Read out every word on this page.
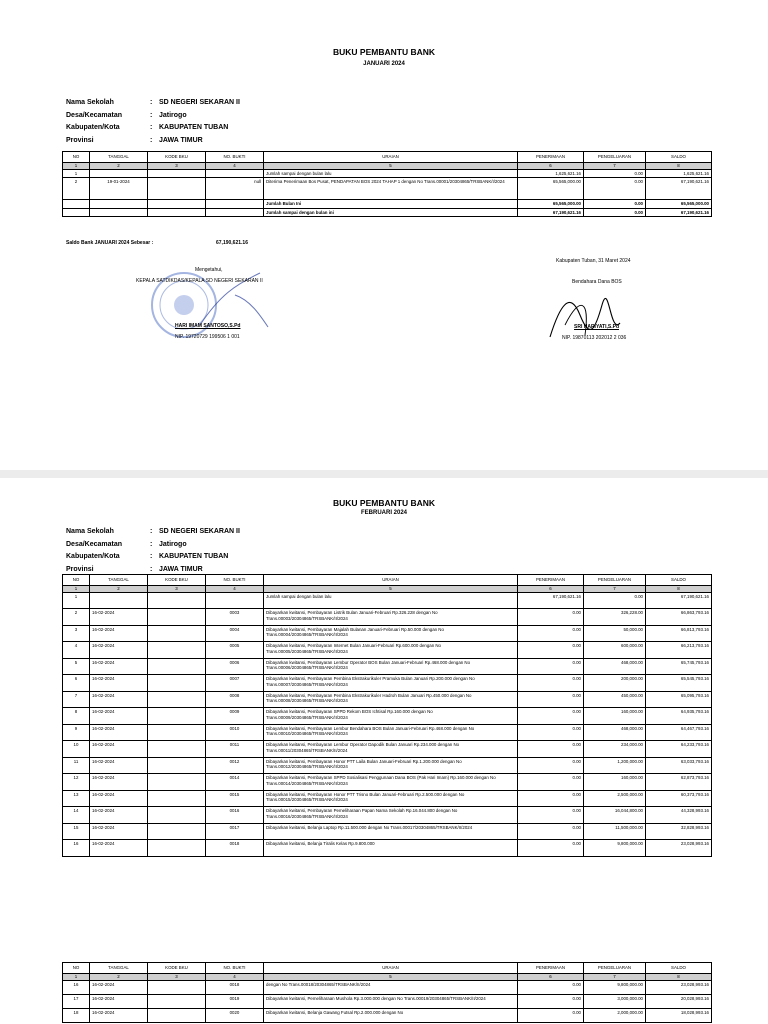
BUKU PEMBANTU BANK
JANUARI 2024
Nama Sekolah	: SD NEGERI SEKARAN II
Desa/Kecamatan	: Jatirogo
Kabupaten/Kota	: KABUPATEN TUBAN
Provinsi	: JAWA TIMUR
NO	TANGGAL	KODE BKU	NO. BUKTI	URAIAN	PENERIMAAN	PENGELUARAN	SALDO
1	2	3	4	5	6	7	8
1				Jumlah sampai dengan bulan lalu	1,625,621.16	0.00	1,625,621.16
2	19-01-2024		null	Diterima Penerimaan Bos Pusat, PENDAPATAN BOS 2024 TAHAP 1 dengan No Trans.00001/20304865/TRSBANK/I/2024	65,565,000.00	0.00	67,190,621.16
				Jumlah Bulan Ini	65,565,000.00	0.00	65,565,000.00
				Jumlah sampai dengan bulan ini	67,190,621.16	0.00	67,190,621.16
Saldo Bank JANUARI 2024 Sebesar :	67,190,621.16
Mengetahui,
KEPALA SATDIKDAS/KEPALA SD NEGERI SEKARAN II
HARI IMAM SANTOSO,S.Pd
NIP. 19720729 199506 1 001
Kabupaten Tuban, 31 Maret 2024
Bendahara Dana BOS
SRI HARIYATI,S.Pd
NIP. 19870113 202012 2 036
BUKU PEMBANTU BANK
FEBRUARI 2024
Nama Sekolah	: SD NEGERI SEKARAN II
Desa/Kecamatan	: Jatirogo
Kabupaten/Kota	: KABUPATEN TUBAN
Provinsi	: JAWA TIMUR
NO	TANGGAL	KODE BKU	NO. BUKTI	URAIAN	PENERIMAAN	PENGELUARAN	SALDO
1	2	3	4	5	6	7	8
1				Jumlah sampai dengan bulan lalu	67,190,621.16	0.00	67,190,621.16
2	16-02-2024		0003	Dibayarkan kwitansi, Pembayaran Listrik Bulan Januari-Februari Rp.326.228 dengan No Trans.00003/20304865/TRSBANK/II/2024	0.00	326,228.00	66,863,793.16
3	16-02-2024		0004	Dibayarkan kwitansi, Pembayaran Majalah Bulanan Januari-Februari Rp.50.000 dengan No Trans.00004/20304865/TRSBANK/II/2024	0.00	50,000.00	66,813,793.16
4	16-02-2024		0005	Dibayarkan kwitansi, Pembayaran Internet Bulan Januari-Februari Rp.600.000 dengan No Trans.00005/20304865/TRSBANK/II/2024	0.00	600,000.00	66,213,793.16
5	16-02-2024		0006	Dibayarkan kwitansi, Pembayaran Lembur Operator BOS Bulan Januari-Februari Rp.468.000 dengan No Trans.00006/20304865/TRSBANK/II/2024	0.00	468,000.00	65,745,793.16
6	16-02-2024		0007	Dibayarkan kwitansi, Pembayaran Pembina Ekstrakurikuler Pramuka Bulan Januari Rp.200.000 dengan No Trans.00007/20304865/TRSBANK/II/2024	0.00	200,000.00	65,545,793.16
7	16-02-2024		0008	Dibayarkan kwitansi, Pembayaran Pembina Ekstrakurikuler Hadroh Bulan Januari Rp.450.000 dengan No Trans.00008/20304865/TRSBANK/II/2024	0.00	450,000.00	65,095,793.16
8	16-02-2024		0009	Dibayarkan kwitansi, Pembayaran SPPD Rekom BOS Ichtisal Rp.160.000 dengan No Trans.00009/20304865/TRSBANK/II/2024	0.00	160,000.00	64,935,793.16
9	16-02-2024		0010	Dibayarkan kwitansi, Pembayaran Lembur Bendahara BOS Bulan Januari-Februari Rp.468.000 dengan No Trans.00010/20304865/TRSBANK/II/2024	0.00	468,000.00	64,467,793.16
10	16-02-2024		0011	Dibayarkan kwitansi, Pembayaran Lembur Operator Dapodik Bulan Januari Rp.234.000 dengan No Trans.00011/20304865/TRSBANK/II/2024	0.00	234,000.00	64,233,793.16
11	16-02-2024		0012	Dibayarkan kwitansi, Pembayaran Honor PTT Laila Bulan Januari-Februari Rp.1.200.000 dengan No Trans.00012/20304865/TRSBANK/II/2024	0.00	1,200,000.00	63,033,793.16
12	16-02-2024		0014	Dibayarkan kwitansi, Pembayaran SPPD Sosialisasi Penggunaan Dana BOS (Pak Hari Imam) Rp.160.000 dengan No Trans.00014/20304865/TRSBANK/II/2024	0.00	160,000.00	62,873,793.16
13	16-02-2024		0015	Dibayarkan kwitansi, Pembayaran Honor PTT Trisno Bulan Januari-Februari Rp.2.500.000 dengan No Trans.00015/20304865/TRSBANK/II/2024	0.00	2,500,000.00	60,373,793.16
14	16-02-2024		0016	Dibayarkan kwitansi, Pembayaran Pemeliharaan Papan Nama Sekolah Rp.16.044.800 dengan No Trans.00016/20304865/TRSBANK/II/2024	0.00	16,044,800.00	44,328,993.16
15	16-02-2024		0017	Dibayarkan kwitansi, Belanja Laptop Rp.11.500.000 dengan No Trans.00017/20304865/TRSBANK/II/2024	0.00	11,500,000.00	32,828,993.16
16	16-02-2024		0018	Dibayarkan kwitansi, Belanja Tiralis Kelas Rp.9.800.000	0.00	9,800,000.00	23,028,993.16
NO	TANGGAL	KODE BKU	NO. BUKTI	URAIAN	PENERIMAAN	PENGELUARAN	SALDO
1	2	3	4	5	6	7	8
16	16-02-2024		0018	dengan No Trans.00018/20304865/TRSBANK/II/2024	0.00	9,800,000.00	23,028,993.16
17	16-02-2024		0019	Dibayarkan kwitansi, Pemeliharaan Mushola Rp.3.000.000 dengan No Trans.00019/20304865/TRSBANK/II/2024	0.00	3,000,000.00	20,028,993.16
18	16-02-2024		0020	Dibayarkan kwitansi, Belanja Gawang Futsal Rp.2.000.000 dengan No	0.00	2,000,000.00	18,028,993.16
